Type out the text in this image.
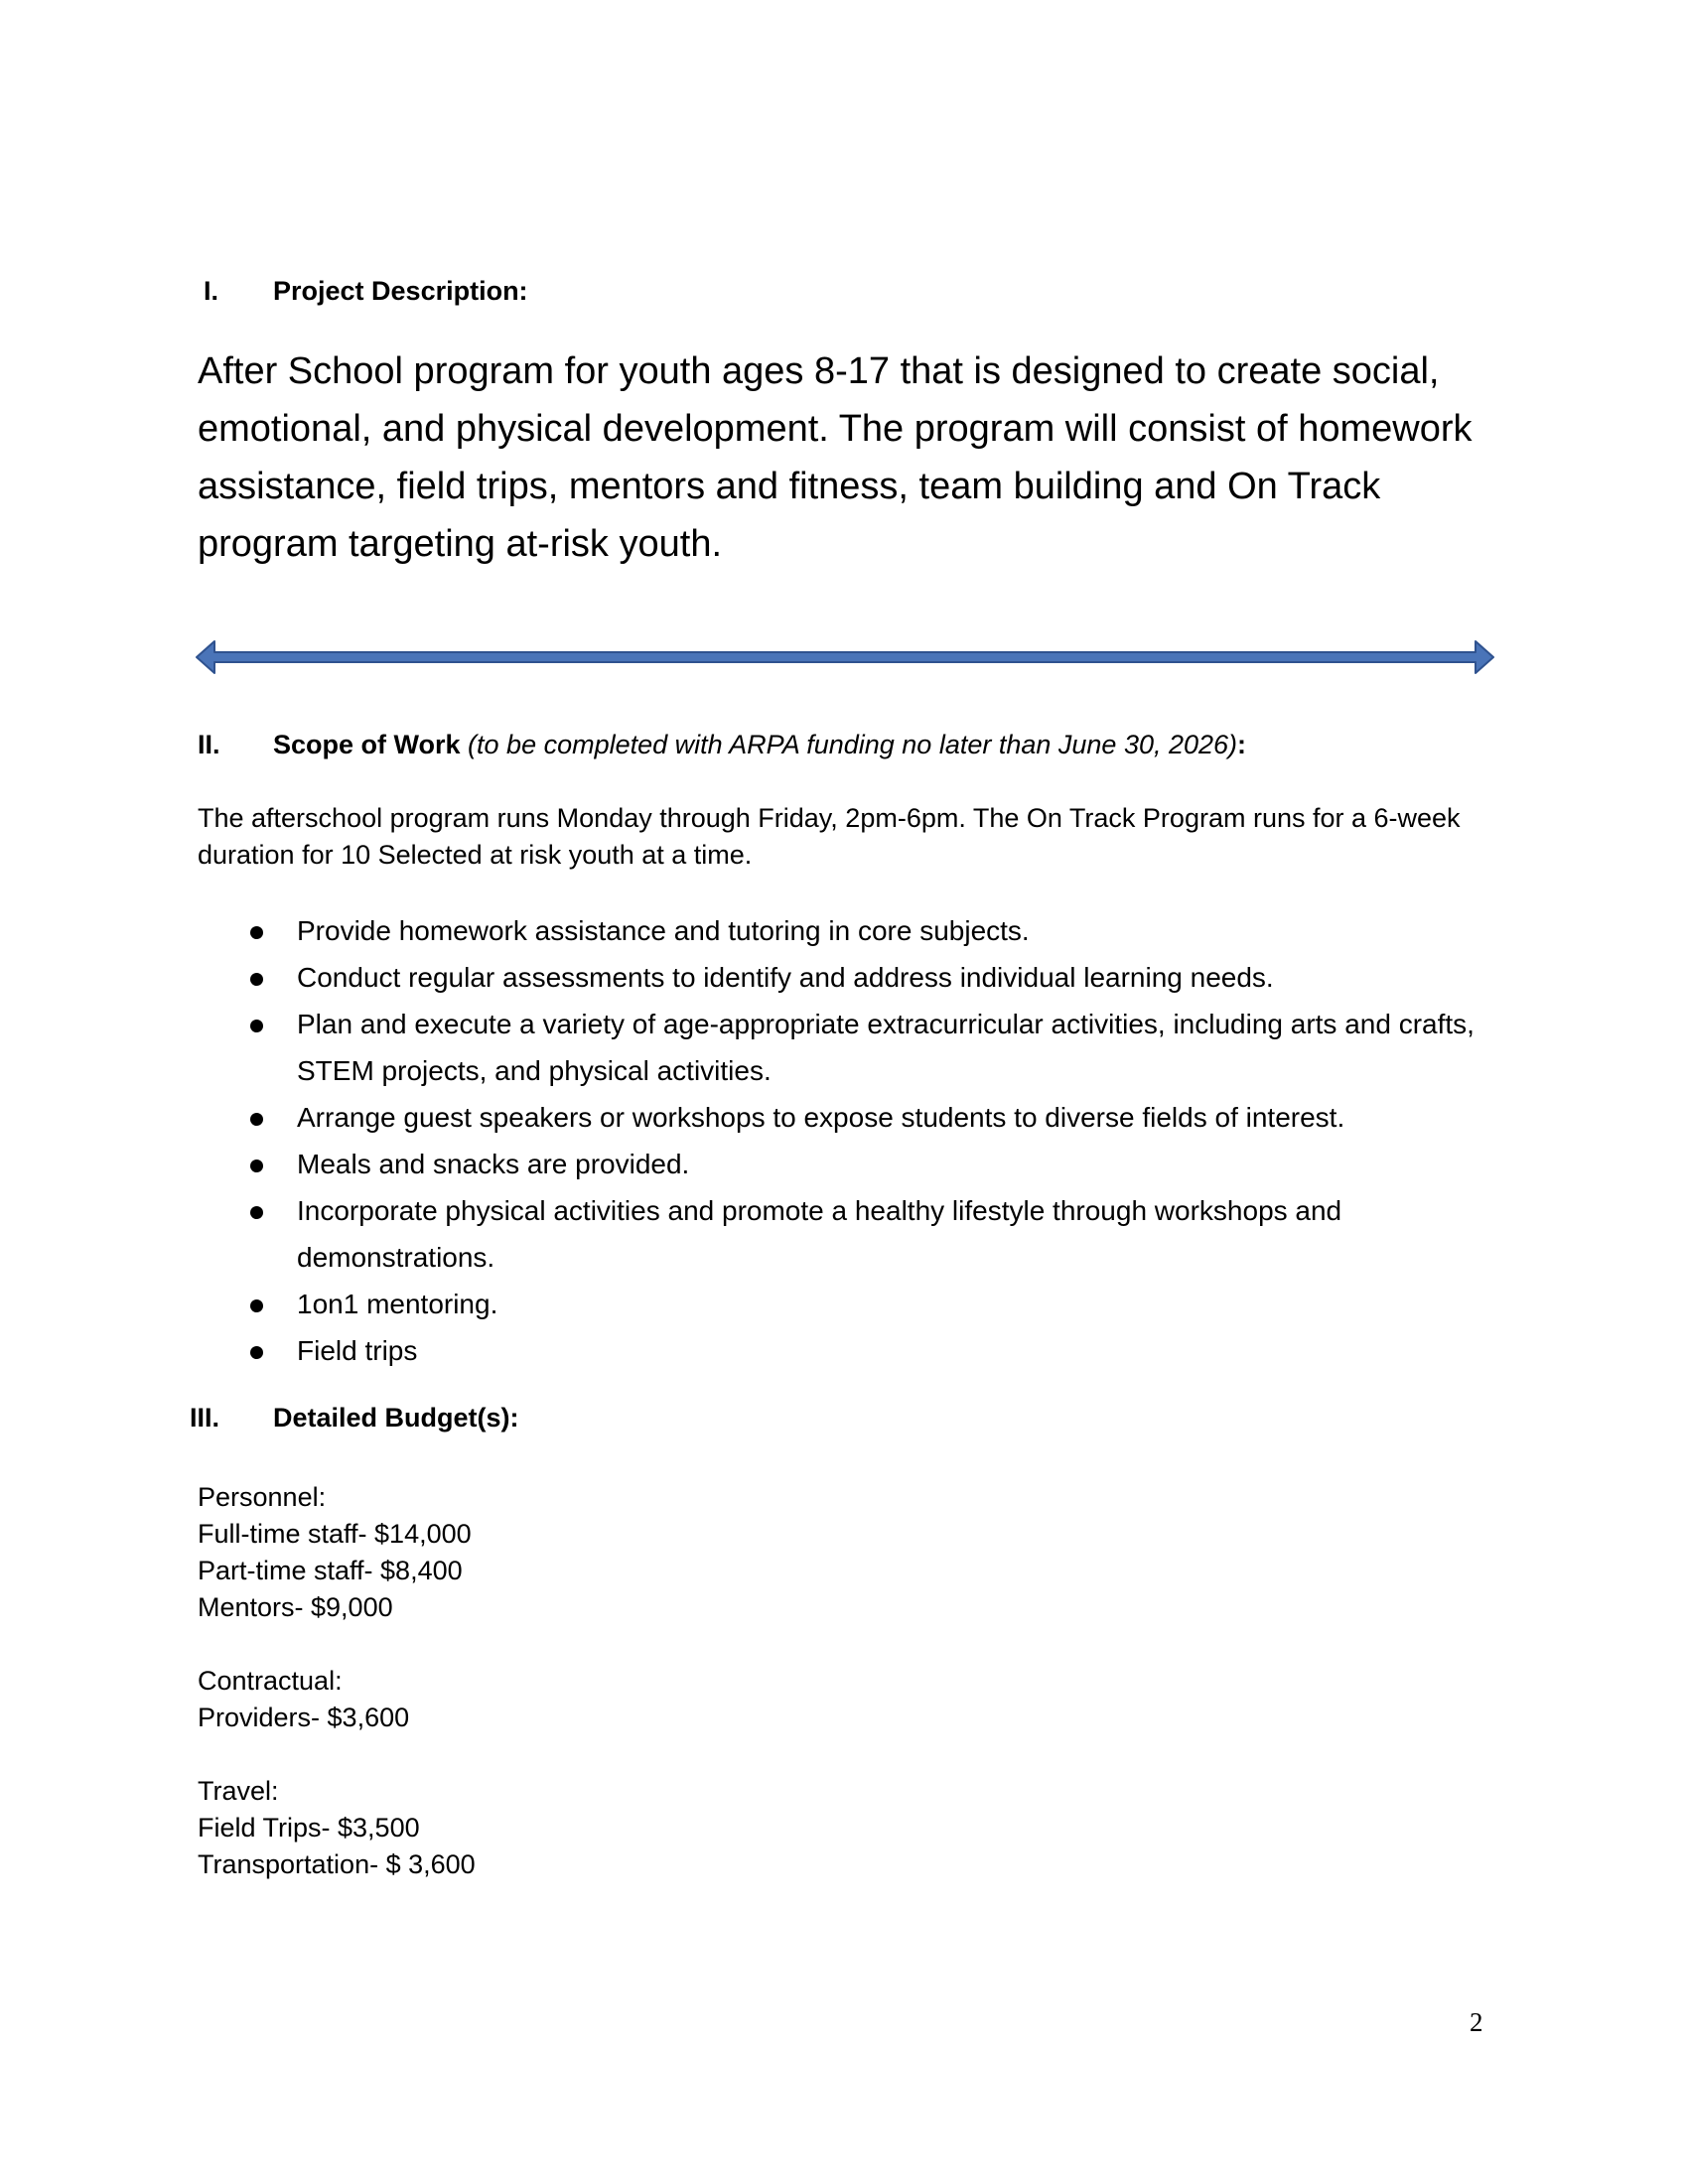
I. Project Description:

After School program for youth ages 8-17 that is designed to create social, emotional, and physical development. The program will consist of homework assistance, field trips, mentors and fitness, team building and On Track program targeting at-risk youth.

II. Scope of Work (to be completed with ARPA funding no later than June 30, 2026):

The afterschool program runs Monday through Friday, 2pm-6pm. The On Track Program runs for a 6-week duration for 10 Selected at risk youth at a time.

Provide homework assistance and tutoring in core subjects.
Conduct regular assessments to identify and address individual learning needs.
Plan and execute a variety of age-appropriate extracurricular activities, including arts and crafts, STEM projects, and physical activities.
Arrange guest speakers or workshops to expose students to diverse fields of interest.
Meals and snacks are provided.
Incorporate physical activities and promote a healthy lifestyle through workshops and demonstrations.
1on1 mentoring.
Field trips
III. Detailed Budget(s):
Personnel:
Full-time staff- $14,000
Part-time staff- $8,400
Mentors- $9,000
Contractual:
Providers- $3,600
Travel:
Field Trips- $3,500
Transportation- $ 3,600
2
